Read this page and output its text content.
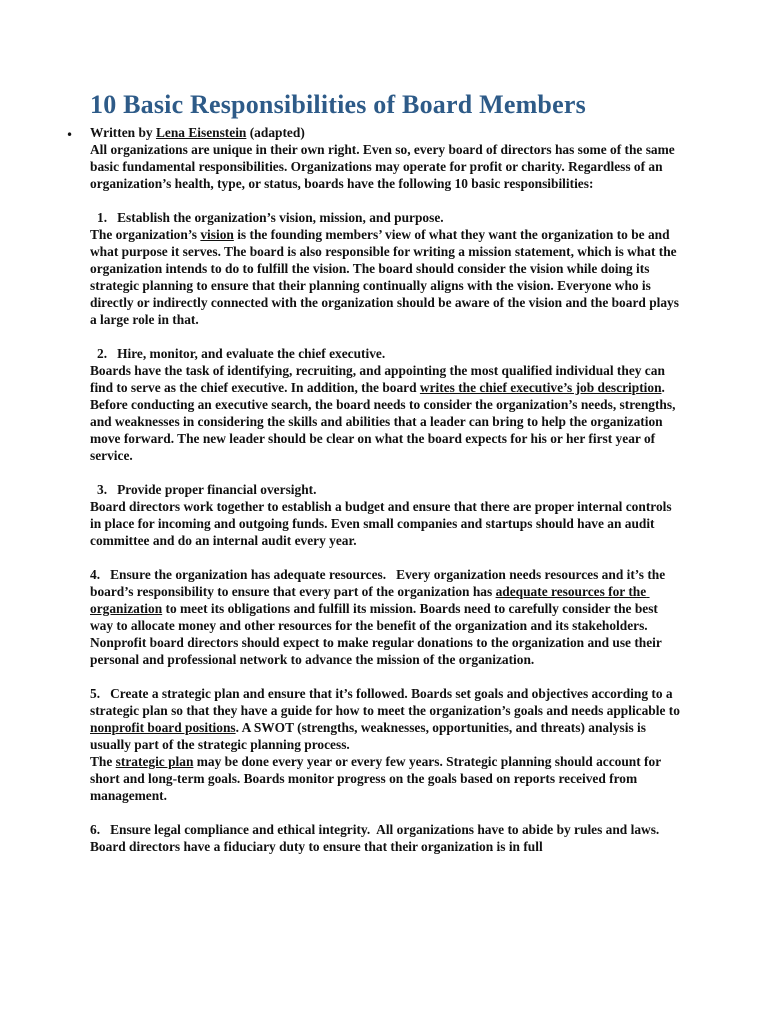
10 Basic Responsibilities of Board Members
• Written by Lena Eisenstein (adapted)

All organizations are unique in their own right. Even so, every board of directors has some of the same basic fundamental responsibilities. Organizations may operate for profit or charity. Regardless of an organization’s health, type, or status, boards have the following 10 basic responsibilities:

1.   Establish the organization’s vision, mission, and purpose.

The organization’s vision is the founding members’ view of what they want the organization to be and what purpose it serves. The board is also responsible for writing a mission statement, which is what the organization intends to do to fulfill the vision. The board should consider the vision while doing its strategic planning to ensure that their planning continually aligns with the vision. Everyone who is directly or indirectly connected with the organization should be aware of the vision and the board plays a large role in that.

2.   Hire, monitor, and evaluate the chief executive.

Boards have the task of identifying, recruiting, and appointing the most qualified individual they can find to serve as the chief executive. In addition, the board writes the chief executive’s job description. Before conducting an executive search, the board needs to consider the organization’s needs, strengths, and weaknesses in considering the skills and abilities that a leader can bring to help the organization move forward. The new leader should be clear on what the board expects for his or her first year of service.

3.   Provide proper financial oversight.

Board directors work together to establish a budget and ensure that there are proper internal controls in place for incoming and outgoing funds. Even small companies and startups should have an audit committee and do an internal audit every year.

4.   Ensure the organization has adequate resources.   Every organization needs resources and it’s the board’s responsibility to ensure that every part of the organization has adequate resources for the organization to meet its obligations and fulfill its mission. Boards need to carefully consider the best way to allocate money and other resources for the benefit of the organization and its stakeholders. Nonprofit board directors should expect to make regular donations to the organization and use their personal and professional network to advance the mission of the organization.

5.   Create a strategic plan and ensure that it’s followed. Boards set goals and objectives according to a strategic plan so that they have a guide for how to meet the organization’s goals and needs applicable to nonprofit board positions. A SWOT (strengths, weaknesses, opportunities, and threats) analysis is usually part of the strategic planning process.

The strategic plan may be done every year or every few years. Strategic planning should account for short and long-term goals. Boards monitor progress on the goals based on reports received from management.

6.   Ensure legal compliance and ethical integrity.  All organizations have to abide by rules and laws. Board directors have a fiduciary duty to ensure that their organization is in full
